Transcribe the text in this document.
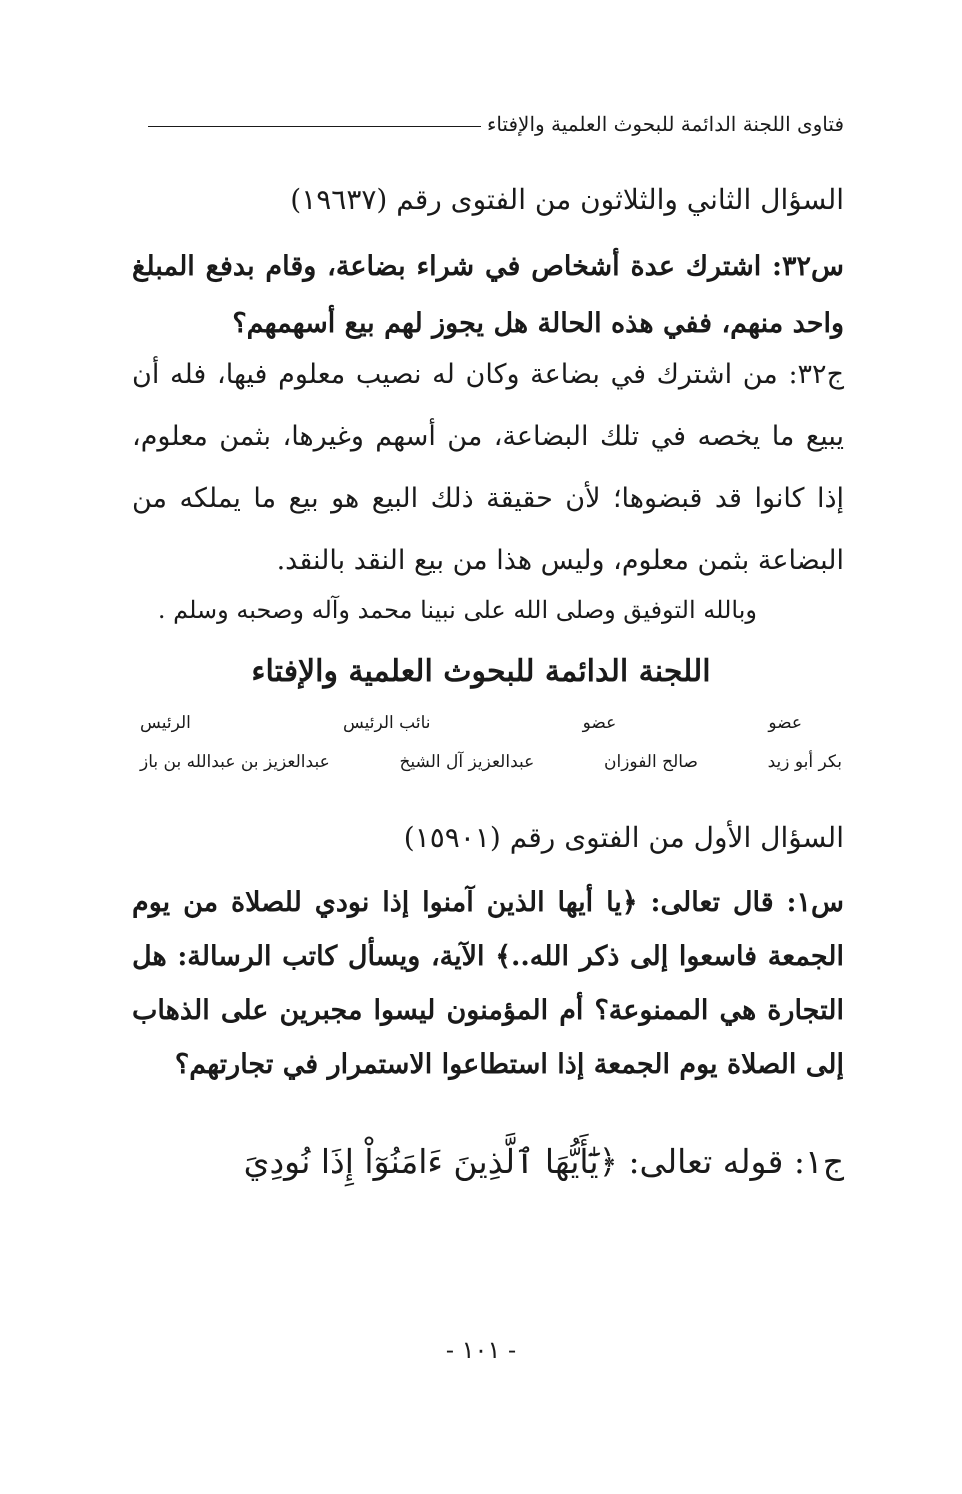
فتاوى اللجنة الدائمة للبحوث العلمية والإفتاء
السؤال الثاني والثلاثون من الفتوى رقم (١٩٦٣٧)
س٣٢: اشترك عدة أشخاص في شراء بضاعة، وقام بدفع المبلغ واحد منهم، ففي هذه الحالة هل يجوز لهم بيع أسهمهم؟
ج٣٢: من اشترك في بضاعة وكان له نصيب معلوم فيها، فله أن يبيع ما يخصه في تلك البضاعة، من أسهم وغيرها، بثمن معلوم، إذا كانوا قد قبضوها؛ لأن حقيقة ذلك البيع هو بيع ما يملكه من البضاعة بثمن معلوم، وليس هذا من بيع النقد بالنقد.
وبالله التوفيق وصلى الله على نبينا محمد وآله وصحبه وسلم .
اللجنة الدائمة للبحوث العلمية والإفتاء
عضو
عضو
نائب الرئيس
الرئيس
بكر أبو زيد
صالح الفوزان
عبدالعزيز آل الشيخ
عبدالعزيز بن عبدالله بن باز
السؤال الأول من الفتوى رقم (١٥٩٠١)
س١: قال تعالى: ﴿يا أيها الذين آمنوا إذا نودي للصلاة من يوم الجمعة فاسعوا إلى ذكر الله..﴾ الآية، ويسأل كاتب الرسالة: هل التجارة هي الممنوعة؟ أم المؤمنون ليسوا مجبرين على الذهاب إلى الصلاة يوم الجمعة إذا استطاعوا الاستمرار في تجارتهم؟
ج١: قوله تعالى: ﴿يَٰٓأَيُّهَا ٱلَّذِينَ ءَامَنُوٓاْ إِذَا نُودِيَ
- ١٠١ -
